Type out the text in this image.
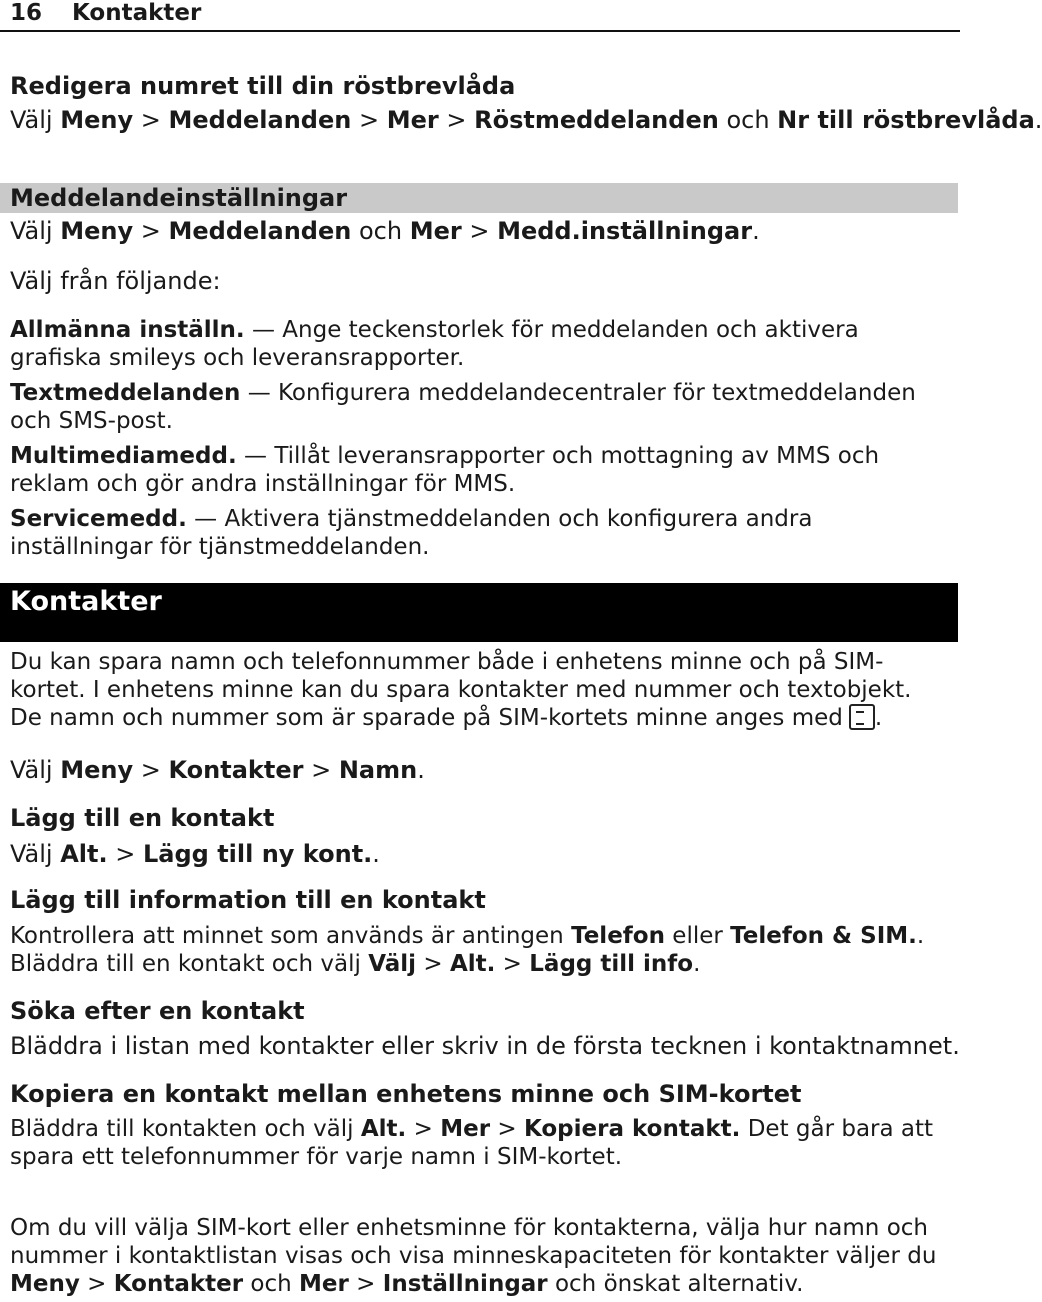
16 Kontakter
Redigera numret till din röstbrevlåda
Välj Meny > Meddelanden > Mer > Röstmeddelanden och Nr till röstbrevlåda.
Meddelandeinställningar
Välj Meny > Meddelanden och Mer > Medd.inställningar.
Välj från följande:
Allmänna inställn. — Ange teckenstorlek för meddelanden och aktivera grafiska smileys och leveransrapporter.
Textmeddelanden — Konfigurera meddelandecentraler för textmeddelanden och SMS-post.
Multimediamedd. — Tillåt leveransrapporter och mottagning av MMS och reklam och gör andra inställningar för MMS.
Servicemedd. — Aktivera tjänstmeddelanden och konfigurera andra inställningar för tjänstmeddelanden.
Kontakter
Du kan spara namn och telefonnummer både i enhetens minne och på SIM-kortet. I enhetens minne kan du spara kontakter med nummer och textobjekt. De namn och nummer som är sparade på SIM-kortets minne anges med .
Välj Meny > Kontakter > Namn.
Lägg till en kontakt
Välj Alt. > Lägg till ny kont..
Lägg till information till en kontakt
Kontrollera att minnet som används är antingen Telefon eller Telefon & SIM.. Bläddra till en kontakt och välj Välj > Alt. > Lägg till info.
Söka efter en kontakt
Bläddra i listan med kontakter eller skriv in de första tecknen i kontaktnamnet.
Kopiera en kontakt mellan enhetens minne och SIM-kortet
Bläddra till kontakten och välj Alt. > Mer > Kopiera kontakt. Det går bara att spara ett telefonnummer för varje namn i SIM-kortet.
Om du vill välja SIM-kort eller enhetsminne för kontakterna, välja hur namn och nummer i kontaktlistan visas och visa minneskapaciteten för kontakter väljer du Meny > Kontakter och Mer > Inställningar och önskat alternativ.
